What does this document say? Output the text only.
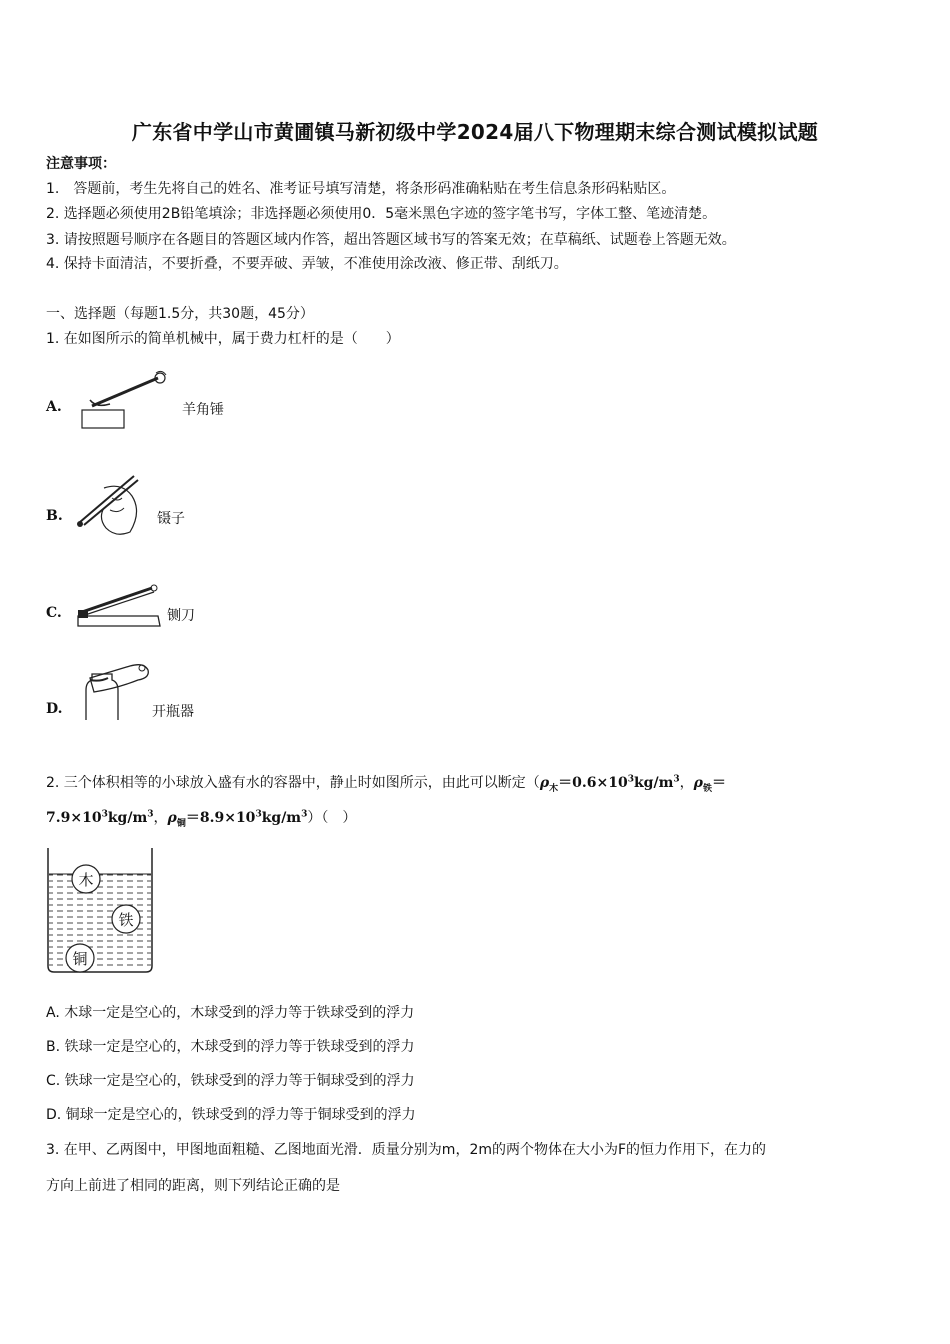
广东省中学山市黄圃镇马新初级中学2024届八下物理期末综合测试模拟试题
注意事项：
1.　答题前，考生先将自己的姓名、准考证号填写清楚，将条形码准确粘贴在考生信息条形码粘贴区。
2. 选择题必须使用2B铅笔填涂；非选择题必须使用0．5毫米黑色字迹的签字笔书写，字体工整、笔迹清楚。
3. 请按照题号顺序在各题目的答题区域内作答，超出答题区域书写的答案无效；在草稿纸、试题卷上答题无效。
4. 保持卡面清洁，不要折叠，不要弄破、弄皱，不准使用涂改液、修正带、刮纸刀。
一、选择题（每题1.5分，共30题，45分）
1. 在如图所示的简单机械中，属于费力杠杆的是（　　）
A.	羊角锤
B.	镊子
C.	铡刀
D.	开瓶器
2. 三个体积相等的小球放入盛有水的容器中，静止时如图所示，由此可以断定（$\rho_木=0.6\times 10^3kg/m^3$，$\rho_铁=$
$7.9\times 10^3kg/m^3$，$\rho_铜=8.9\times 10^3kg/m^3$）（　）
木
铁
铜
A. 木球一定是空心的，木球受到的浮力等于铁球受到的浮力
B. 铁球一定是空心的，木球受到的浮力等于铁球受到的浮力
C. 铁球一定是空心的，铁球受到的浮力等于铜球受到的浮力
D. 铜球一定是空心的，铁球受到的浮力等于铜球受到的浮力
3. 在甲、乙两图中，甲图地面粗糙、乙图地面光滑．质量分别为m，2m的两个物体在大小为F的恒力作用下，在力的
方向上前进了相同的距离，则下列结论正确的是
